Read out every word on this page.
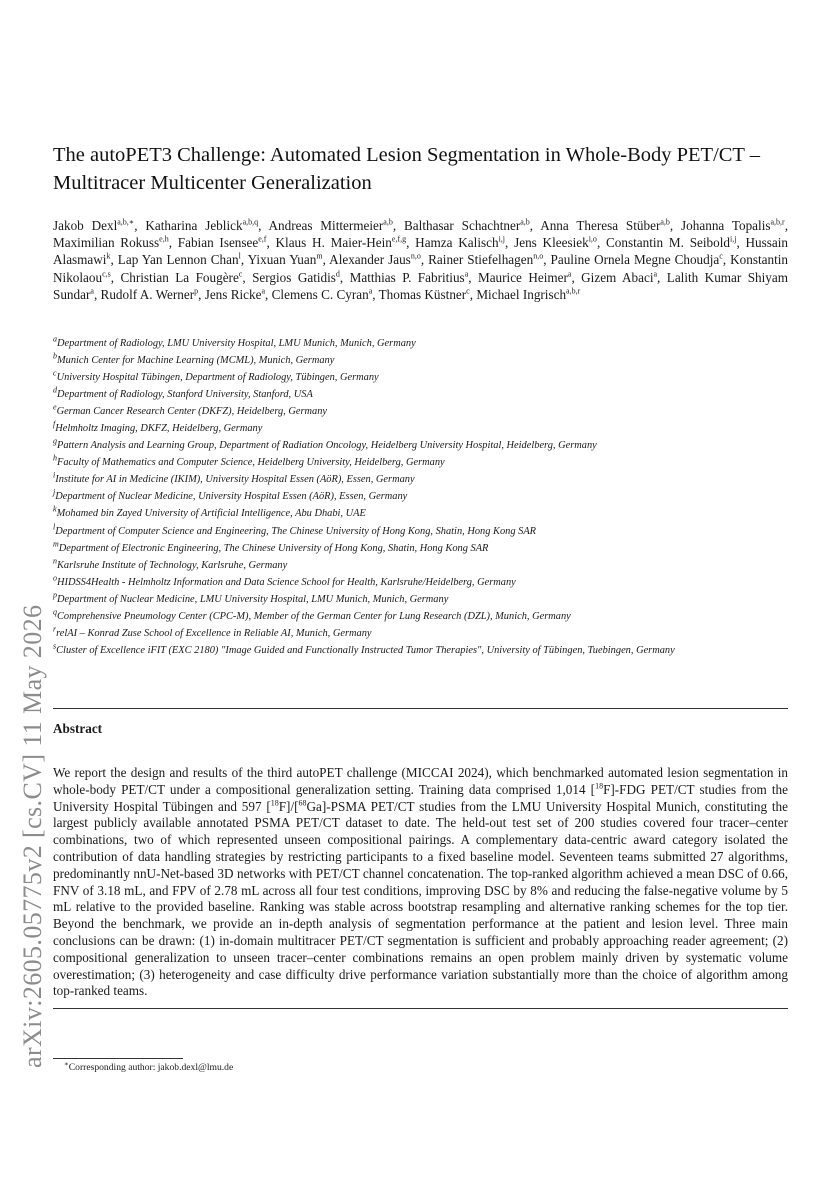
arXiv:2605.05775v2 [cs.CV] 11 May 2026
The autoPET3 Challenge: Automated Lesion Segmentation in Whole-Body PET/CT – Multitracer Multicenter Generalization
Jakob Dexl$^{a,b,∗}$, Katharina Jeblick$^{a,b,q}$, Andreas Mittermeier$^{a,b}$, Balthasar Schachtner$^{a,b}$, Anna Theresa Stüber$^{a,b}$, Johanna Topalis$^{a,b,r}$, Maximilian Rokuss$^{e,h}$, Fabian Isensee$^{e,f}$, Klaus H. Maier-Hein$^{e,f,g}$, Hamza Kalisch$^{i,j}$, Jens Kleesiek$^{i,o}$, Constantin M. Seibold$^{i,j}$, Hussain Alasmawi$^k$, Lap Yan Lennon Chan$^l$, Yixuan Yuan$^m$, Alexander Jaus$^{n,o}$, Rainer Stiefelhagen$^{n,o}$, Pauline Ornela Megne Choudja$^c$, Konstantin Nikolaou$^{c,s}$, Christian La Fougère$^c$, Sergios Gatidis$^d$, Matthias P. Fabritius$^a$, Maurice Heimer$^a$, Gizem Abaci$^a$, Lalith Kumar Shiyam Sundar$^a$, Rudolf A. Werner$^p$, Jens Ricke$^a$, Clemens C. Cyran$^a$, Thomas Küstner$^c$, Michael Ingrisch$^{a,b,r}$
$^a$Department of Radiology, LMU University Hospital, LMU Munich, Munich, Germany
$^b$Munich Center for Machine Learning (MCML), Munich, Germany
$^c$University Hospital Tübingen, Department of Radiology, Tübingen, Germany
$^d$Department of Radiology, Stanford University, Stanford, USA
$^e$German Cancer Research Center (DKFZ), Heidelberg, Germany
$^f$Helmholtz Imaging, DKFZ, Heidelberg, Germany
$^g$Pattern Analysis and Learning Group, Department of Radiation Oncology, Heidelberg University Hospital, Heidelberg, Germany
$^h$Faculty of Mathematics and Computer Science, Heidelberg University, Heidelberg, Germany
$^i$Institute for AI in Medicine (IKIM), University Hospital Essen (AöR), Essen, Germany
$^j$Department of Nuclear Medicine, University Hospital Essen (AöR), Essen, Germany
$^k$Mohamed bin Zayed University of Artificial Intelligence, Abu Dhabi, UAE
$^l$Department of Computer Science and Engineering, The Chinese University of Hong Kong, Shatin, Hong Kong SAR
$^m$Department of Electronic Engineering, The Chinese University of Hong Kong, Shatin, Hong Kong SAR
$^n$Karlsruhe Institute of Technology, Karlsruhe, Germany
$^o$HIDSS4Health - Helmholtz Information and Data Science School for Health, Karlsruhe/Heidelberg, Germany
$^p$Department of Nuclear Medicine, LMU University Hospital, LMU Munich, Munich, Germany
$^q$Comprehensive Pneumology Center (CPC-M), Member of the German Center for Lung Research (DZL), Munich, Germany
$^r$relAI – Konrad Zuse School of Excellence in Reliable AI, Munich, Germany
$^s$Cluster of Excellence iFIT (EXC 2180) "Image Guided and Functionally Instructed Tumor Therapies", University of Tübingen, Tuebingen, Germany
Abstract

We report the design and results of the third autoPET challenge (MICCAI 2024), which benchmarked automated lesion segmentation in whole-body PET/CT under a compositional generalization setting. Training data comprised 1,014 [$^{18}$F]-FDG PET/CT studies from the University Hospital Tübingen and 597 [$^{18}$F]/[$^{68}$Ga]-PSMA PET/CT studies from the LMU University Hospital Munich, constituting the largest publicly available annotated PSMA PET/CT dataset to date. The held-out test set of 200 studies covered four tracer–center combinations, two of which represented unseen compositional pairings. A complementary data-centric award category isolated the contribution of data handling strategies by restricting participants to a fixed baseline model. Seventeen teams submitted 27 algorithms, predominantly nnU-Net-based 3D networks with PET/CT channel concatenation. The top-ranked algorithm achieved a mean DSC of 0.66, FNV of 3.18 mL, and FPV of 2.78 mL across all four test conditions, improving DSC by 8% and reducing the false-negative volume by 5 mL relative to the provided baseline. Ranking was stable across bootstrap resampling and alternative ranking schemes for the top tier. Beyond the benchmark, we provide an in-depth analysis of segmentation performance at the patient and lesion level. Three main conclusions can be drawn: (1) in-domain multitracer PET/CT segmentation is sufficient and probably approaching reader agreement; (2) compositional generalization to unseen tracer–center combinations remains an open problem mainly driven by systematic volume overestimation; (3) heterogeneity and case difficulty drive performance variation substantially more than the choice of algorithm among top-ranked teams.

∗Corresponding author: jakob.dexl@lmu.de
